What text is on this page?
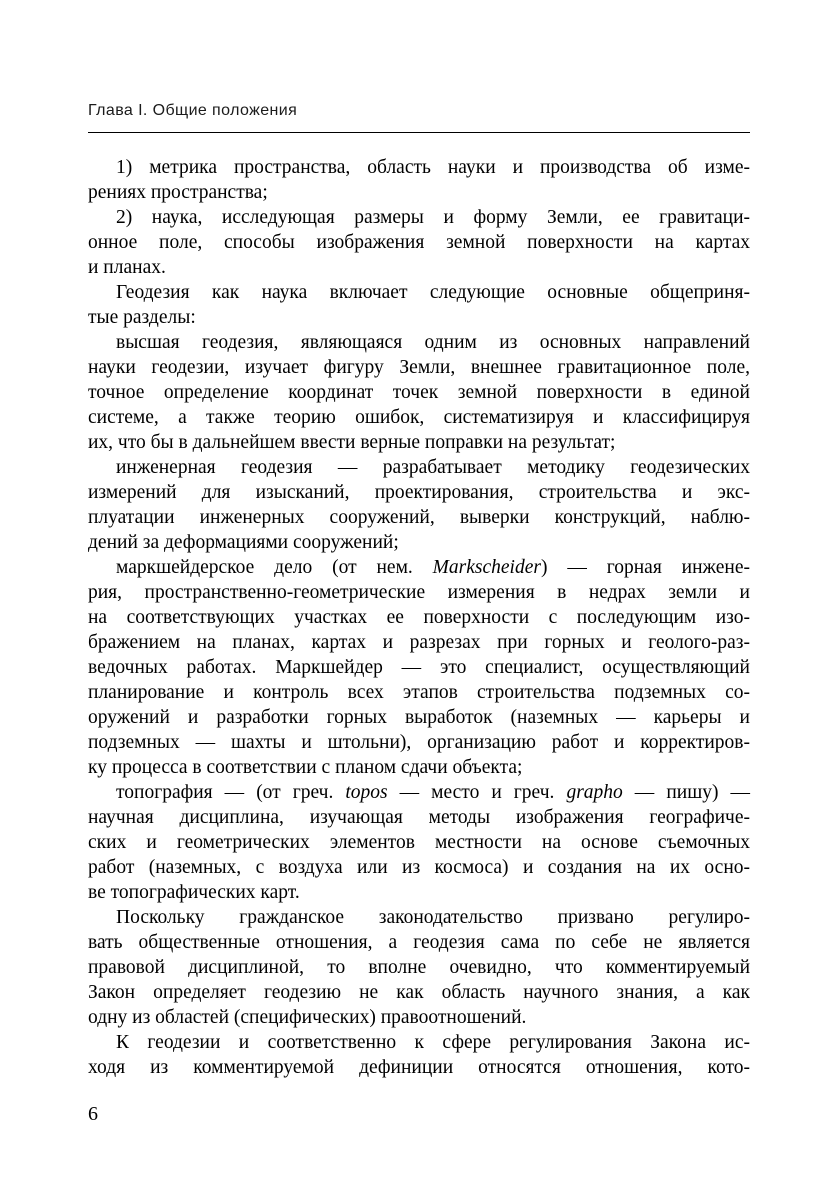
Глава I. Общие положения
1) метрика пространства, область науки и производства об изме-
рениях пространства;
2) наука, исследующая размеры и форму Земли, ее гравитаци-
онное поле, способы изображения земной поверхности на картах
и планах.
Геодезия как наука включает следующие основные общеприня-
тые разделы:
высшая геодезия, являющаяся одним из основных направлений
науки геодезии, изучает фигуру Земли, внешнее гравитационное поле,
точное определение координат точек земной поверхности в единой
системе, а также теорию ошибок, систематизируя и классифицируя
их, что бы в дальнейшем ввести верные поправки на результат;
инженерная геодезия — разрабатывает методику геодезических
измерений для изысканий, проектирования, строительства и экс-
плуатации инженерных сооружений, выверки конструкций, наблю-
дений за деформациями сооружений;
маркшейдерское дело (от нем. Markscheider) — горная инжене-
рия, пространственно-геометрические измерения в недрах земли и
на соответствующих участках ее поверхности с последующим изо-
бражением на планах, картах и разрезах при горных и геолого-раз-
ведочных работах. Маркшейдер — это специалист, осуществляющий
планирование и контроль всех этапов строительства подземных со-
оружений и разработки горных выработок (наземных — карьеры и
подземных — шахты и штольни), организацию работ и корректиров-
ку процесса в соответствии с планом сдачи объекта;
топография — (от греч. topos — место и греч. grapho — пишу) —
научная дисциплина, изучающая методы изображения географиче-
ских и геометрических элементов местности на основе съемочных
работ (наземных, с воздуха или из космоса) и создания на их осно-
ве топографических карт.
Поскольку гражданское законодательство призвано регулиро-
вать общественные отношения, а геодезия сама по себе не является
правовой дисциплиной, то вполне очевидно, что комментируемый
Закон определяет геодезию не как область научного знания, а как
одну из областей (специфических) правоотношений.
К геодезии и соответственно к сфере регулирования Закона ис-
ходя из комментируемой дефиниции относятся отношения, кото-
6
